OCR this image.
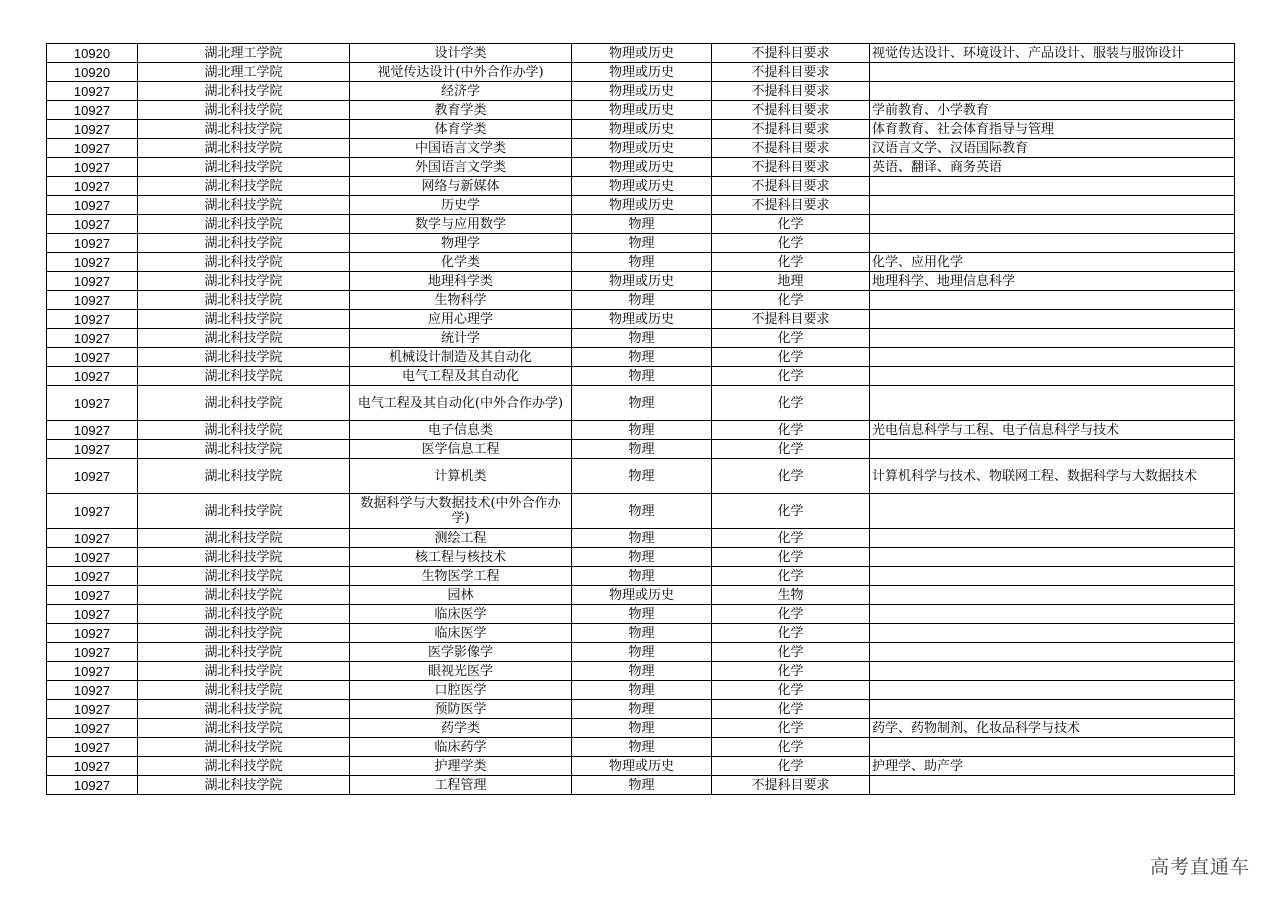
10920	湖北理工学院	设计学类	物理或历史	不提科目要求	视觉传达设计、环境设计、产品设计、服装与服饰设计
10920	湖北理工学院	视觉传达设计(中外合作办学)	物理或历史	不提科目要求	
10927	湖北科技学院	经济学	物理或历史	不提科目要求	
10927	湖北科技学院	教育学类	物理或历史	不提科目要求	学前教育、小学教育
10927	湖北科技学院	体育学类	物理或历史	不提科目要求	体育教育、社会体育指导与管理
10927	湖北科技学院	中国语言文学类	物理或历史	不提科目要求	汉语言文学、汉语国际教育
10927	湖北科技学院	外国语言文学类	物理或历史	不提科目要求	英语、翻译、商务英语
10927	湖北科技学院	网络与新媒体	物理或历史	不提科目要求	
10927	湖北科技学院	历史学	物理或历史	不提科目要求	
10927	湖北科技学院	数学与应用数学	物理	化学	
10927	湖北科技学院	物理学	物理	化学	
10927	湖北科技学院	化学类	物理	化学	化学、应用化学
10927	湖北科技学院	地理科学类	物理或历史	地理	地理科学、地理信息科学
10927	湖北科技学院	生物科学	物理	化学	
10927	湖北科技学院	应用心理学	物理或历史	不提科目要求	
10927	湖北科技学院	统计学	物理	化学	
10927	湖北科技学院	机械设计制造及其自动化	物理	化学	
10927	湖北科技学院	电气工程及其自动化	物理	化学	
10927	湖北科技学院	电气工程及其自动化(中外合作办学)	物理	化学	
10927	湖北科技学院	电子信息类	物理	化学	光电信息科学与工程、电子信息科学与技术
10927	湖北科技学院	医学信息工程	物理	化学	
10927	湖北科技学院	计算机类	物理	化学	计算机科学与技术、物联网工程、数据科学与大数据技术
10927	湖北科技学院	数据科学与大数据技术(中外合作办学)	物理	化学	
10927	湖北科技学院	测绘工程	物理	化学	
10927	湖北科技学院	核工程与核技术	物理	化学	
10927	湖北科技学院	生物医学工程	物理	化学	
10927	湖北科技学院	园林	物理或历史	生物	
10927	湖北科技学院	临床医学	物理	化学	
10927	湖北科技学院	临床医学	物理	化学	
10927	湖北科技学院	医学影像学	物理	化学	
10927	湖北科技学院	眼视光医学	物理	化学	
10927	湖北科技学院	口腔医学	物理	化学	
10927	湖北科技学院	预防医学	物理	化学	
10927	湖北科技学院	药学类	物理	化学	药学、药物制剂、化妆品科学与技术
10927	湖北科技学院	临床药学	物理	化学	
10927	湖北科技学院	护理学类	物理或历史	化学	护理学、助产学
10927	湖北科技学院	工程管理	物理	不提科目要求	
高考直通车
